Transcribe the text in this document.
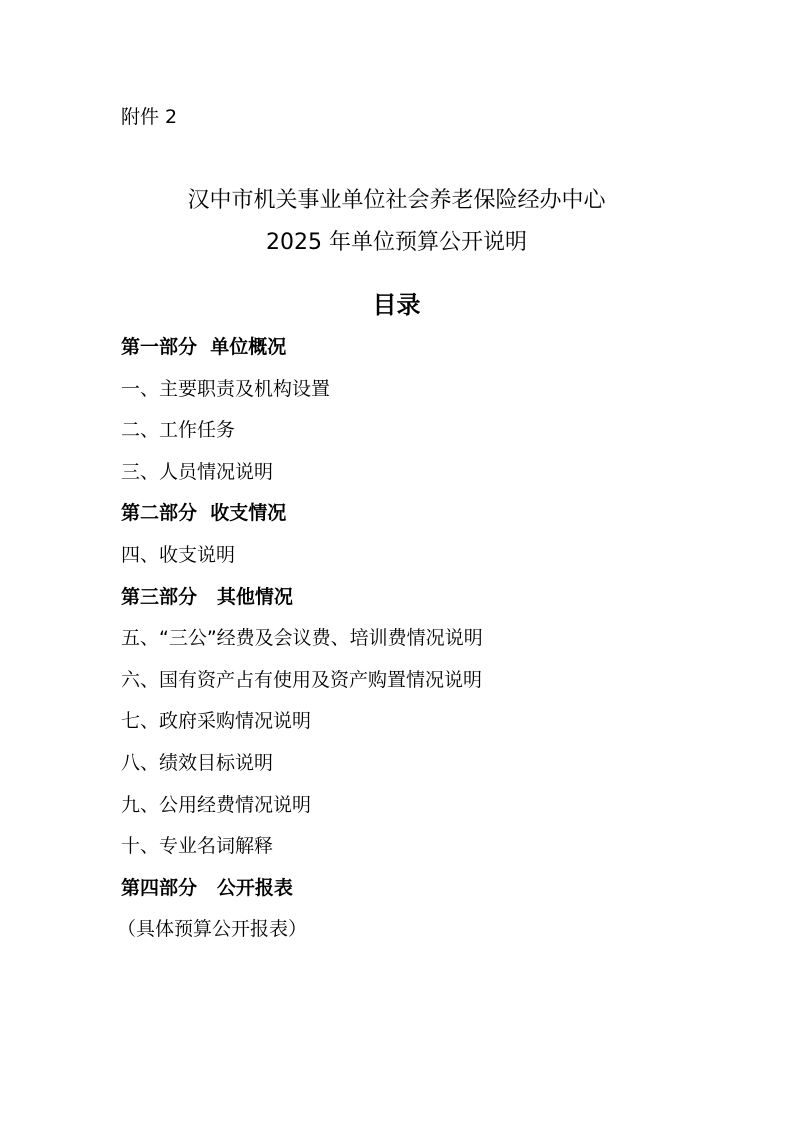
附件 2
汉中市机关事业单位社会养老保险经办中心
2025 年单位预算公开说明
目录
第一部分  单位概况
一、主要职责及机构设置
二、工作任务
三、人员情况说明
第二部分  收支情况
四、收支说明
第三部分   其他情况
五、“三公”经费及会议费、培训费情况说明
六、国有资产占有使用及资产购置情况说明
七、政府采购情况说明
八、绩效目标说明
九、公用经费情况说明
十、专业名词解释
第四部分   公开报表
（具体预算公开报表）
